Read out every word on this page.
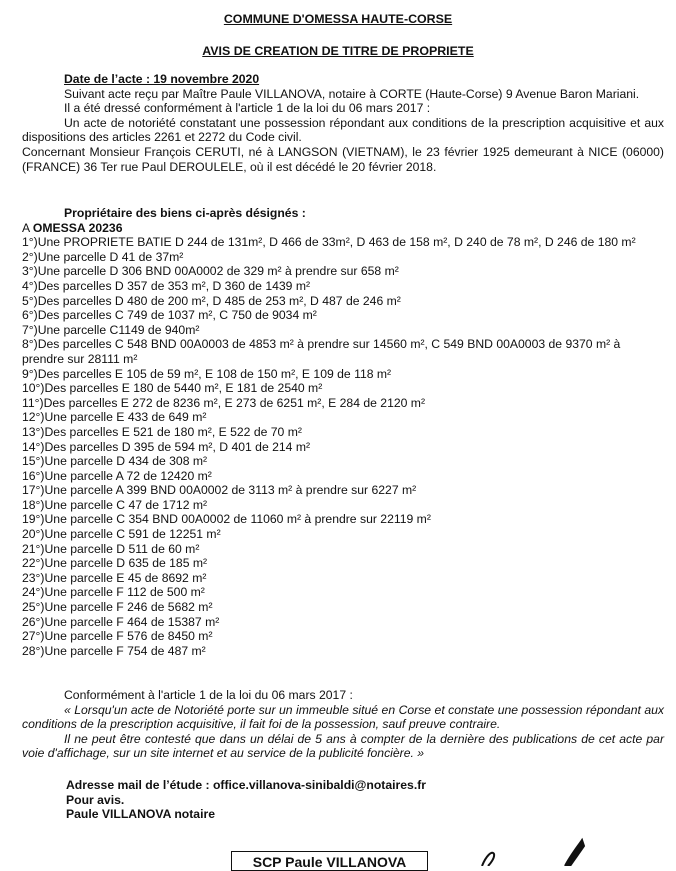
COMMUNE D'OMESSA HAUTE-CORSE
AVIS DE CREATION DE TITRE DE PROPRIETE

Date de l’acte : 19 novembre 2020

Suivant acte reçu par Maître Paule VILLANOVA, notaire à CORTE (Haute-Corse) 9 Avenue Baron Mariani.

Il a été dressé conformément à l'article 1 de la loi du 06 mars 2017 :

Un acte de notoriété constatant une possession répondant aux conditions de la prescription acquisitive et aux dispositions des articles 2261 et 2272 du Code civil.

Concernant Monsieur François CERUTI, né à LANGSON (VIETNAM), le 23 février 1925 demeurant à NICE (06000) (FRANCE) 36 Ter rue Paul DEROULELE, où il est décédé le 20 février 2018.

Propriétaire des biens ci-après désignés :

A OMESSA 20236

1°)Une PROPRIETE BATIE D 244 de 131m², D 466 de 33m², D 463 de 158 m², D 240 de 78 m², D 246 de 180 m²
2°)Une parcelle D 41 de 37m²
3°)Une parcelle D 306 BND 00A0002 de 329 m² à prendre sur 658 m²
4°)Des parcelles D 357 de 353 m², D 360 de 1439 m²
5°)Des parcelles D 480 de 200 m², D 485 de 253 m², D 487 de 246 m²
6°)Des parcelles C 749 de 1037 m², C 750 de 9034 m²
7°)Une parcelle C1149 de 940m²
8°)Des parcelles C 548 BND 00A0003 de 4853 m² à prendre sur 14560 m², C 549 BND 00A0003 de 9370 m² à prendre sur 28111 m²
9°)Des parcelles E 105 de 59 m², E 108 de 150 m², E 109 de 118 m²
10°)Des parcelles E 180 de 5440 m², E 181 de 2540 m²
11°)Des parcelles E 272 de 8236 m², E 273 de 6251 m², E 284 de 2120 m²
12°)Une parcelle E 433 de 649 m²
13°)Des parcelles E 521 de 180 m², E 522 de 70 m²
14°)Des parcelles D 395 de 594 m², D 401 de 214 m²
15°)Une parcelle D 434 de 308 m²
16°)Une parcelle A 72 de 12420 m²
17°)Une parcelle A 399 BND 00A0002 de 3113 m² à prendre sur 6227 m²
18°)Une parcelle C 47 de 1712 m²
19°)Une parcelle C 354 BND 00A0002 de 11060 m² à prendre sur 22119 m²
20°)Une parcelle C 591 de 12251 m²
21°)Une parcelle D 511 de 60 m²
22°)Une parcelle D 635 de 185 m²
23°)Une parcelle E 45 de 8692 m²
24°)Une parcelle F 112 de 500 m²
25°)Une parcelle F 246 de 5682 m²
26°)Une parcelle F 464 de 15387 m²
27°)Une parcelle F 576 de 8450 m²
28°)Une parcelle F 754 de 487 m²

Conformément à l'article 1 de la loi du 06 mars 2017 :

« Lorsqu'un acte de Notoriété porte sur un immeuble situé en Corse et constate une possession répondant aux conditions de la prescription acquisitive, il fait foi de la possession, sauf preuve contraire.

Il ne peut être contesté que dans un délai de 5 ans à compter de la dernière des publications de cet acte par voie d'affichage, sur un site internet et au service de la publicité foncière. »

Adresse mail de l’étude : office.villanova-sinibaldi@notaires.fr

Pour avis.

Paule VILLANOVA notaire

SCP Paule VILLANOVA
